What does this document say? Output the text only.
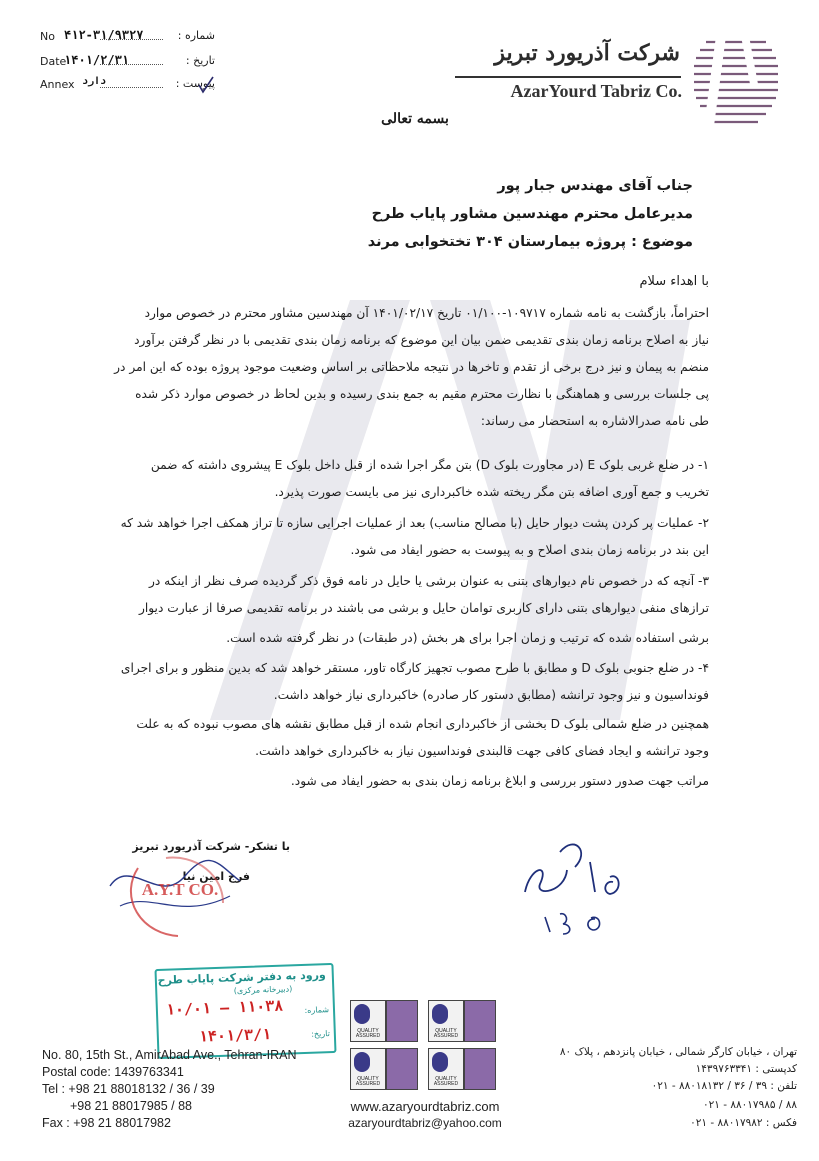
No ۴۱۲-۳۱/۹۳۲۷	شماره :
Date
۱۴۰۱/۲/۳۱	تاریخ :
Annex دارد	پیوست :
شرکت آذریورد تبریز
AzarYourd Tabriz Co.
بسمه تعالی
جناب آقای مهندس جبار پور
مدیرعامل محترم مهندسین مشاور پایاب طرح
موضوع : پروژه بیمارستان ۳۰۴ تختخوابی مرند
با اهداء سلام
احتراماً، بازگشت به نامه شماره ۱۰۹۷۱۷-۰۱/۱۰۰ تاریخ ۱۴۰۱/۰۲/۱۷ آن مهندسین مشاور محترم در خصوص موارد
نیاز به اصلاح برنامه زمان بندی تقدیمی ضمن بیان این موضوع که برنامه زمان بندی تقدیمی با در نظر گرفتن برآورد
منضم به پیمان و نیز درج برخی از تقدم و تاخرها در نتیجه ملاحظاتی بر اساس وضعیت موجود پروژه بوده که این امر در
پی جلسات بررسی و هماهنگی با نظارت محترم مقیم به جمع بندی رسیده و بدین لحاظ در خصوص موارد ذکر شده
طی نامه صدرالاشاره به استحضار می رساند:
۱- در ضلع غربی بلوک E (در مجاورت بلوک D) بتن مگر اجرا شده از قبل داخل بلوک E پیشروی داشته که ضمن
تخریب و جمع آوری اضافه بتن مگر ریخته شده خاکبرداری نیز می بایست صورت پذیرد.
۲- عملیات پر کردن پشت دیوار حایل (با مصالح مناسب) بعد از عملیات اجرایی سازه تا تراز همکف اجرا خواهد شد که
این بند در برنامه زمان بندی اصلاح و به پیوست به حضور ایفاد می شود.
۳- آنچه که در خصوص نام دیوارهای بتنی به عنوان برشی یا حایل در نامه فوق ذکر گردیده صرف نظر از اینکه در
ترازهای منفی دیوارهای بتنی دارای کاربری توامان حایل و برشی می باشند در برنامه تقدیمی صرفا از عبارت دیوار
برشی استفاده شده که ترتیب و زمان اجرا برای هر بخش (در طبقات) در نظر گرفته شده است.
۴- در ضلع جنوبی بلوک D و مطابق با طرح مصوب تجهیز کارگاه تاور، مستقر خواهد شد که بدین منظور و برای اجرای
فونداسیون و نیز وجود ترانشه (مطابق دستور کار صادره) خاکبرداری نیاز خواهد داشت.
همچنین در ضلع شمالی بلوک D بخشی از خاکبرداری انجام شده از قبل مطابق نقشه های مصوب نبوده که به علت
وجود ترانشه و ایجاد فضای کافی جهت قالبندی فونداسیون نیاز به خاکبرداری خواهد داشت.
مراتب جهت صدور دستور بررسی و ابلاغ برنامه زمان بندی به حضور ایفاد می شود.
با تشکر- شرکت آذریورد تبریز
فرج امین نیا
A.Y.T CO.
ورود به دفتر شرکت پایاب طرح
(دبیرخانه مرکزی)
شماره:
۱۱۰۳۸ — ۱۰/۰۱
تاریخ:
۱۴۰۱/۳/۱
No. 80, 15th St., AmirAbad Ave., Tehran-IRAN
Postal code: 1439763341
Tel : +98 21 88018132 / 36 / 39
+98 21 88017985 / 88
Fax : +98 21 88017982
QUALITY ASSURED
QUALITY ASSURED
QUALITY ASSURED
QUALITY ASSURED
www.azaryourdtabriz.com
azaryourdtabriz@yahoo.com
تهران ، خیابان کارگر شمالی ، خیابان پانزدهم ، پلاک ۸۰
کدپستی : ۱۴۳۹۷۶۳۳۴۱
تلفن : ۳۹ / ۳۶ / ۸۸۰۱۸۱۳۲ - ۰۲۱
۸۸ / ۸۸۰۱۷۹۸۵ - ۰۲۱
فکس : ۸۸۰۱۷۹۸۲ - ۰۲۱
